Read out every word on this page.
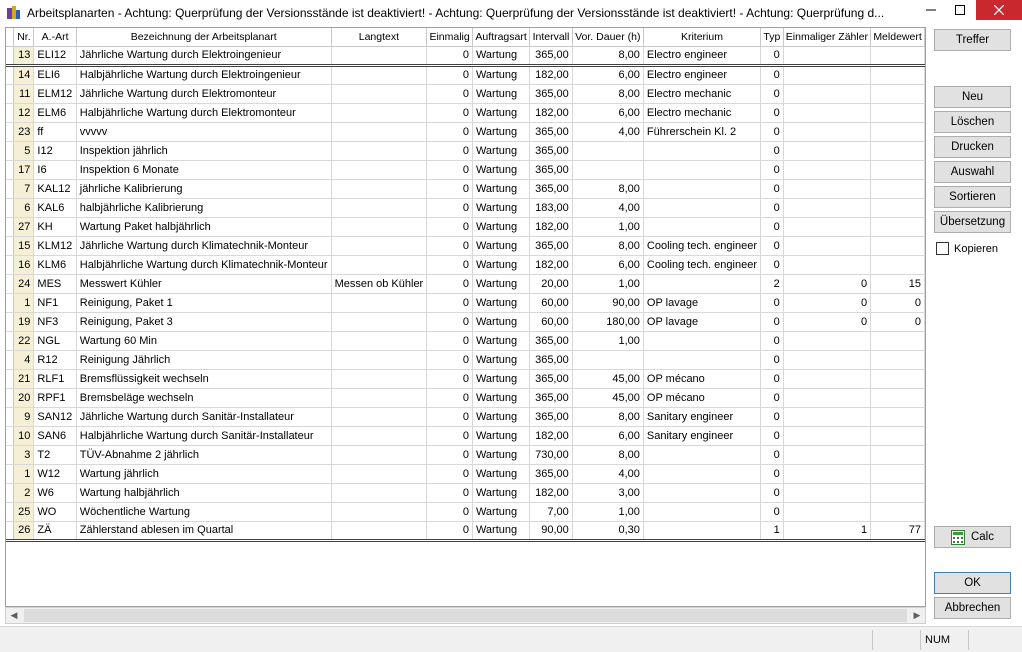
Arbeitsplanarten - Achtung: Querprüfung der Versionsstände ist deaktiviert! - Achtung: Querprüfung der Versionsstände ist deaktiviert! - Achtung: Querprüfung d...
	Nr.	A.-Art	Bezeichnung der Arbeitsplanart	Langtext	Einmalig	Auftragsart	Intervall	Vor. Dauer (h)	Kriterium	Typ	Einmaliger Zähler	Meldewert
	13	ELI12	Jährliche Wartung durch Elektroingenieur		0	Wartung	365,00	8,00	Electro engineer	0		
	14	ELI6	Halbjährliche Wartung durch Elektroingenieur		0	Wartung	182,00	6,00	Electro engineer	0		
	11	ELM12	Jährliche Wartung durch Elektromonteur		0	Wartung	365,00	8,00	Electro mechanic	0		
	12	ELM6	Halbjährliche Wartung durch Elektromonteur		0	Wartung	182,00	6,00	Electro mechanic	0		
	23	ff	vvvvv		0	Wartung	365,00	4,00	Führerschein Kl. 2	0		
	5	I12	Inspektion jährlich		0	Wartung	365,00			0		
	17	I6	Inspektion 6 Monate		0	Wartung	365,00			0		
	7	KAL12	jährliche Kalibrierung		0	Wartung	365,00	8,00		0		
	6	KAL6	halbjährliche Kalibrierung		0	Wartung	183,00	4,00		0		
	27	KH	Wartung Paket halbjährlich		0	Wartung	182,00	1,00		0		
	15	KLM12	Jährliche Wartung durch Klimatechnik-Monteur		0	Wartung	365,00	8,00	Cooling tech. engineer	0		
	16	KLM6	Halbjährliche Wartung durch Klimatechnik-Monteur		0	Wartung	182,00	6,00	Cooling tech. engineer	0		
	24	MES	Messwert Kühler	Messen ob Kühler	0	Wartung	20,00	1,00		2	0	15
	1	NF1	Reinigung, Paket 1		0	Wartung	60,00	90,00	OP lavage	0	0	0
	19	NF3	Reinigung, Paket 3		0	Wartung	60,00	180,00	OP lavage	0	0	0
	22	NGL	Wartung 60 Min		0	Wartung	365,00	1,00		0		
	4	R12	Reinigung Jährlich		0	Wartung	365,00			0		
	21	RLF1	Bremsflüssigkeit wechseln		0	Wartung	365,00	45,00	OP mécano	0		
	20	RPF1	Bremsbeläge wechseln		0	Wartung	365,00	45,00	OP mécano	0		
	9	SAN12	Jährliche Wartung durch Sanitär-Installateur		0	Wartung	365,00	8,00	Sanitary engineer	0		
	10	SAN6	Halbjährliche Wartung durch Sanitär-Installateur		0	Wartung	182,00	6,00	Sanitary engineer	0		
	3	T2	TÜV-Abnahme 2 jährlich		0	Wartung	730,00	8,00		0		
	1	W12	Wartung jährlich		0	Wartung	365,00	4,00		0		
	2	W6	Wartung halbjährlich		0	Wartung	182,00	3,00		0		
	25	WO	Wöchentliche Wartung		0	Wartung	7,00	1,00		0		
	26	ZÄ	Zählerstand ablesen im Quartal		0	Wartung	90,00	0,30		1	1	77
◀	▶
Treffer
Neu
Löschen
Drucken
Auswahl
Sortieren
Übersetzung
Kopieren
Calc
OK
Abbrechen
NUM
